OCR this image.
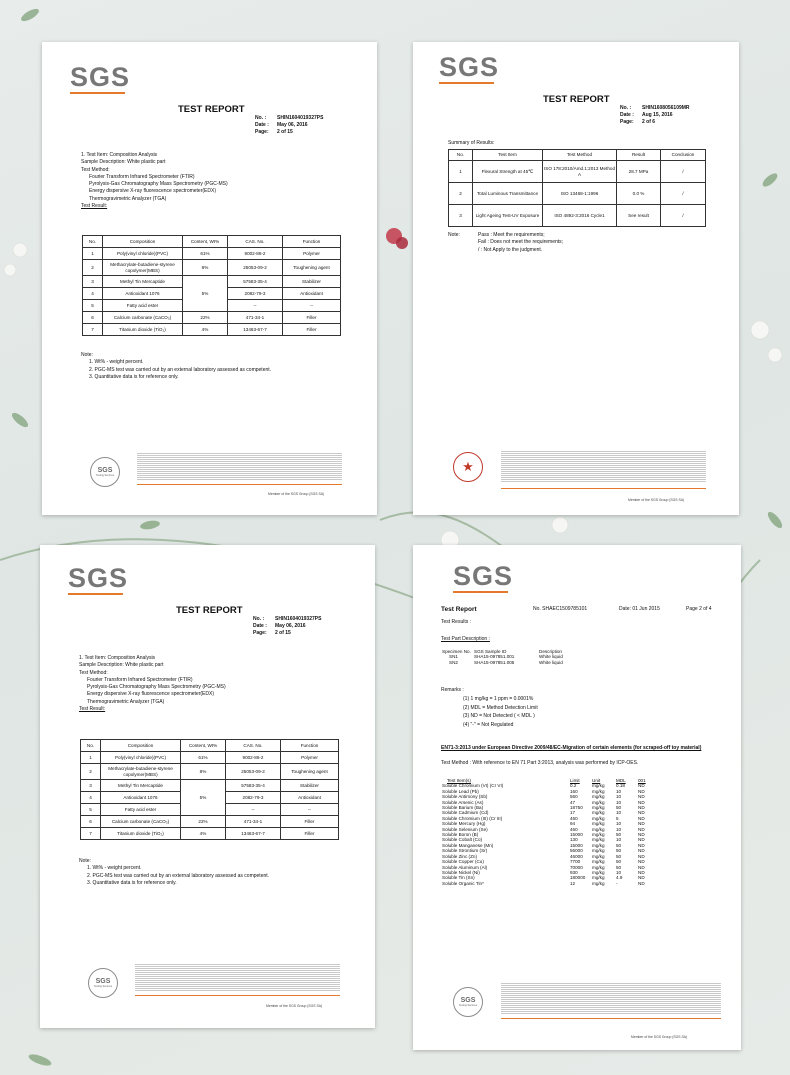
SGS
TEST REPORT
No. : SHIN1604019327PS
Date : May 06, 2016
Page: 2 of 15
1. Test Item: Composition Analysis
Sample Description: White plastic part
Test Method:
Fourier Transform Infrared Spectrometer (FTIR)
Pyrolysis-Gas Chromatography Mass Spectrometry (PGC-MS)
Energy dispersive X-ray fluorescence spectrometer(EDX)
Thermogravimetric Analyzer (TGA)
Test Result:
No.	Composition	Content, Wt%	CAS. No.	Function
1	Poly(vinyl chloride)(PVC)	61%	9002-86-2	Polymer
2	Methacrylate-butadiene-styrene copolymer(MBS)	8%	25053-09-2	Toughening agent
3	Methyl Tin Mercaptide	5%	57583-35-4	Stabilizer
4	Antioxidant 1076		2082-79-3	Antioxidant
5	Fatty acid ester		--	--
6	Calcium carbonate (CaCO₃)	22%	471-34-1	Filler
7	Titanium dioxide (TiO₂)	4%	13463-67-7	Filler
Note:
1. Wt% - weight percent.
2. PGC-MS test was carried out by an external laboratory assessed as competent.
3. Quantitative data is for reference only.
SGS
Testing Services
Member of the SGS Group (SGS SA)
SGS
TEST REPORT
No. : SHIN1608056109MR
Date : Aug 15, 2016
Page: 2 of 6
Summary of Results:
No.	Test Item	Test Method	Result	Conclusion
1	Flexural Strength at 45℃	ISO 178:2010/Amd.1:2013 Method A	28.7 MPa	/
2	Total Luminous Transmittance	ISO 13468-1:1996	0.0 %	/
3	Light Ageing Test-UV Exposure	ISO 4892-3:2016 Cycle1	See result	/
Note:	Pass : Meet the requirements;
Fail : Does not meet the requirements;
/ : Not Apply to the judgment.
★
Member of the SGS Group (SGS SA)
SGS
TEST REPORT
No. : SHIN1604019327PS
Date : May 06, 2016
Page: 2 of 15
1. Test Item: Composition Analysis
Sample Description: White plastic part
Test Method:
Fourier Transform Infrared Spectrometer (FTIR)
Pyrolysis-Gas Chromatography Mass Spectrometry (PGC-MS)
Energy dispersive X-ray fluorescence spectrometer(EDX)
Thermogravimetric Analyzer (TGA)
Test Result:
No.	Composition	Content, Wt%	CAS. No.	Function
1	Poly(vinyl chloride)(PVC)	61%	9002-86-2	Polymer
2	Methacrylate-butadiene-styrene copolymer(MBS)	8%	25053-09-2	Toughening agent
3	Methyl Tin Mercaptide	5%	57583-35-4	Stabilizer
4	Antioxidant 1076		2082-79-3	Antioxidant
5	Fatty acid ester		--	--
6	Calcium carbonate (CaCO₃)	22%	471-34-1	Filler
7	Titanium dioxide (TiO₂)	4%	13463-67-7	Filler
Note:
1. Wt% - weight percent.
2. PGC-MS test was carried out by an external laboratory assessed as competent.
3. Quantitative data is for reference only.
SGS
Testing Services
Member of the SGS Group (SGS SA)
SGS
Test Report	No. SHAEC1509785101	Date: 01 Jun 2015	Page 2 of 4
Test Results :
Test Part Description :
Specimen No.	SGS Sample ID	Description
SN1	SHA15-097851.001	White liquid
SN2	SHA15-097851.005	White liquid
Remarks :
(1) 1 mg/kg = 1 ppm = 0.0001%
(2) MDL = Method Detection Limit
(3) ND = Not Detected ( < MDL )
(4) "-" = Not Regulated
EN71-3:2013 under European Directive 2009/48/EC-Migration of certain elements (for scraped-off toy material)
Test Method : With reference to EN 71 Part 3:2013, analysis was performed by ICP-OES.
Test Item(s)	Limit	Unit	MDL	001
Soluble Chromium (VI) (Cr VI)	0.2	mg/kg	0.18	ND
Soluble Lead (Pb)	160	mg/kg	10	ND
Soluble Antimony (Sb)	560	mg/kg	10	ND
Soluble Arsenic (As)	47	mg/kg	10	ND
Soluble Barium (Ba)	18750	mg/kg	50	ND
Soluble Cadmium (Cd)	17	mg/kg	10	ND
Soluble Chromium (III) (Cr III)	460	mg/kg	5	ND
Soluble Mercury (Hg)	94	mg/kg	10	ND
Soluble Selenium (Se)	460	mg/kg	10	ND
Soluble Boron (B)	15000	mg/kg	50	ND
Soluble Cobalt (Co)	130	mg/kg	10	ND
Soluble Manganese (Mn)	15000	mg/kg	50	ND
Soluble Strontium (Sr)	56000	mg/kg	50	ND
Soluble Zinc (Zn)	46000	mg/kg	50	ND
Soluble Copper (Cu)	7700	mg/kg	50	ND
Soluble Aluminum (Al)	70000	mg/kg	50	ND
Soluble Nickel (Ni)	930	mg/kg	10	ND
Soluble Tin (Sn)	180000	mg/kg	4.9	ND
Soluble Organic Tin*	12	mg/kg	-	ND
SGS
Testing Services
Member of the SGS Group (SGS SA)
